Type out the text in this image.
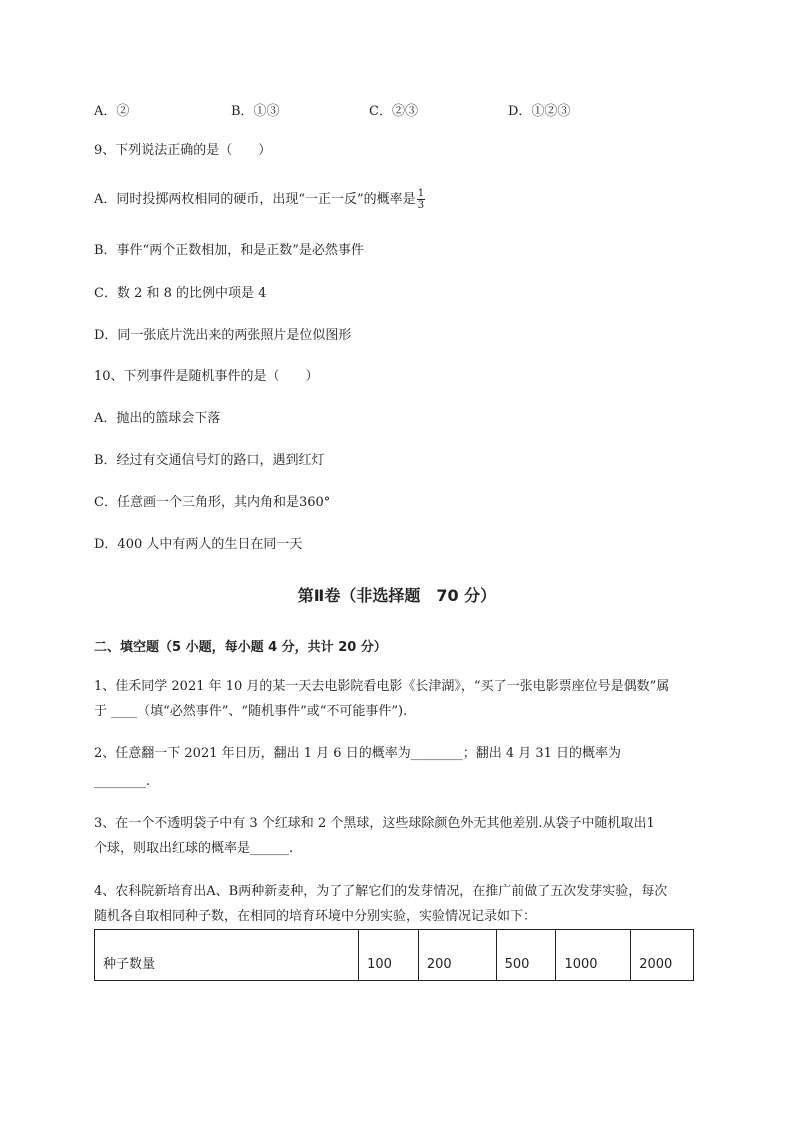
A．②	B．①③	C．②③	D．①②③
9、下列说法正确的是（　　）
A．同时投掷两枚相同的硬币，出现“一正一反”的概率是 $\frac{1}{3}$
B．事件“两个正数相加，和是正数”是必然事件
C．数 2 和 8 的比例中项是 4
D．同一张底片洗出来的两张照片是位似图形
10、下列事件是随机事件的是（　　）
A．抛出的篮球会下落
B．经过有交通信号灯的路口，遇到红灯
C．任意画一个三角形，其内角和是360°
D．400 人中有两人的生日在同一天
第Ⅱ卷（非选择题　70 分）
二、填空题（5 小题，每小题 4 分，共计 20 分）
1、佳禾同学 2021 年 10 月的某一天去电影院看电影《长津湖》，“买了一张电影票座位号是偶数”属
于 ____（填“必然事件”、“随机事件”或“不可能事件”).
2、任意翻一下 2021 年日历，翻出 1 月 6 日的概率为________；翻出 4 月 31 日的概率为
________.
3、在一个不透明袋子中有 3 个红球和 2 个黑球，这些球除颜色外无其他差别.从袋子中随机取出1
个球，则取出红球的概率是______.
4、农科院新培育出A、B两种新麦种，为了了解它们的发芽情况，在推广前做了五次发芽实验，每次
随机各自取相同种子数，在相同的培育环境中分别实验，实验情况记录如下：
种子数量	100	200	500	1000	2000
